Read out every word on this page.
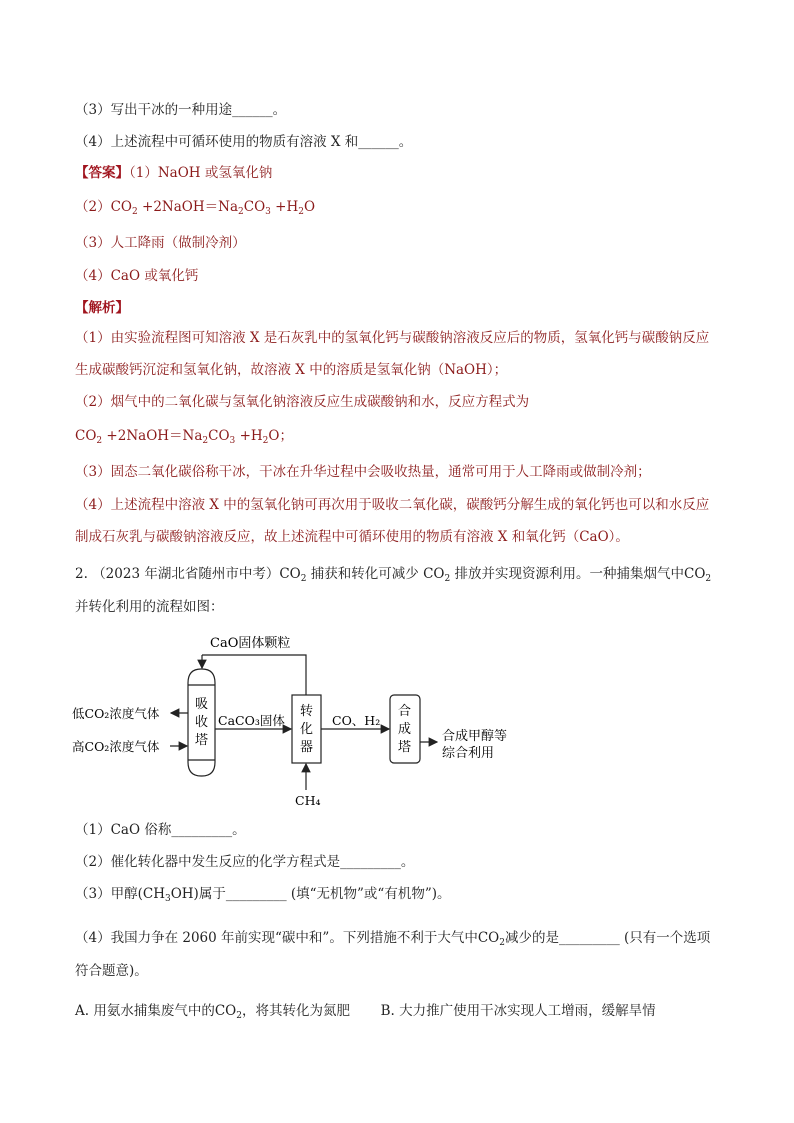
（3）写出干冰的一种用途______。
（4）上述流程中可循环使用的物质有溶液 X 和______。
【答案】（1）NaOH 或氢氧化钠
$(2)CO_2$ $+2NaOH=Na_2CO_3 +H_2O$
（3）人工降雨（做制冷剂）
（4）CaO 或氧化钙
【解析】
（1）由实验流程图可知溶液 X 是石灰乳中的氢氧化钙与碳酸钠溶液反应后的物质，氢氧化钙与碳酸钠反应
生成碳酸钙沉淀和氢氧化钠，故溶液 X 中的溶质是氢氧化钠（NaOH）；
（2）烟气中的二氧化碳与氢氧化钠溶液反应生成碳酸钠和水，反应方程式为
$CO_2$ $+2NaOH=Na_2CO_3 +H_2O$；
（3）固态二氧化碳俗称干冰，干冰在升华过程中会吸收热量，通常可用于人工降雨或做制冷剂；
（4）上述流程中溶液 X 中的氢氧化钠可再次用于吸收二氧化碳，碳酸钙分解生成的氧化钙也可以和水反应
制成石灰乳与碳酸钠溶液反应，故上述流程中可循环使用的物质有溶液 X 和氧化钙（CaO）。
2. （2023 年湖北省随州市中考）$CO_2$ 捕获和转化可减少 $CO_2$ 排放并实现资源利用。一种捕集烟气中$CO_2$
并转化利用的流程如图：
CaO固体颗粒
低CO₂浓度气体
高CO₂浓度气体
吸
收
塔
CaCO₃固体
转
化
器
CO、H₂
合
成
塔
合成甲醇等
综合利用
CH₄
（1）CaO 俗称_________。
（2）催化转化器中发生反应的化学方程式是_________。
（3）甲醇$(CH_3OH)$属于_________ (填“无机物”或“有机物”)。
（4）我国力争在 2060 年前实现“碳中和”。下列措施不利于大气中$CO_2$减少的是_________ (只有一个选项
符合题意)。
A. 用氨水捕集废气中的$CO_2$，将其转化为氮肥 B. 大力推广使用干冰实现人工增雨，缓解旱情
